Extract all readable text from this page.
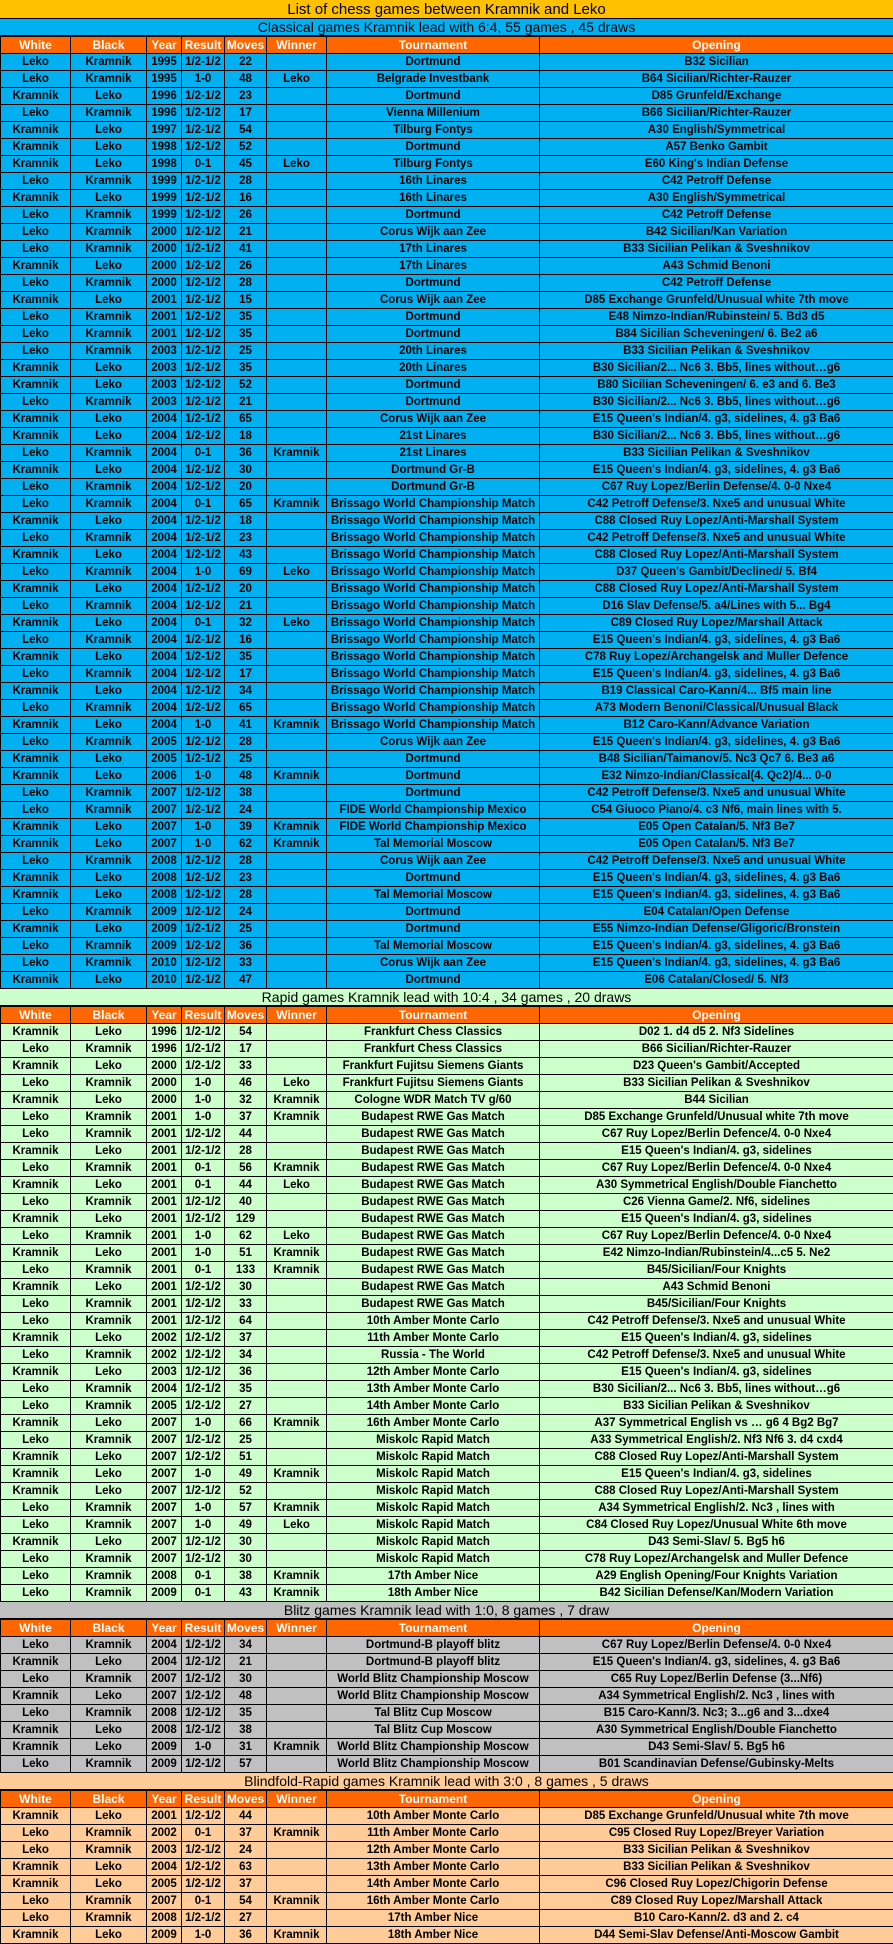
List of chess games between Kramnik and Leko
Classical games Kramnik lead with 6:4, 55 games , 45 draws
White	Black	Year	Result	Moves	Winner	Tournament	Opening
Leko	Kramnik	1995	1/2-1/2	22		Dortmund	B32 Sicilian
Leko	Kramnik	1995	1-0	48	Leko	Belgrade Investbank	B64 Sicilian/Richter-Rauzer
Kramnik	Leko	1996	1/2-1/2	23		Dortmund	D85 Grunfeld/Exchange
Leko	Kramnik	1996	1/2-1/2	17		Vienna Millenium	B66 Sicilian/Richter-Rauzer
Kramnik	Leko	1997	1/2-1/2	54		Tilburg Fontys	A30 English/Symmetrical
Kramnik	Leko	1998	1/2-1/2	52		Dortmund	A57 Benko Gambit
Kramnik	Leko	1998	0-1	45	Leko	Tilburg Fontys	E60 King's Indian Defense
Leko	Kramnik	1999	1/2-1/2	28		16th Linares	C42 Petroff Defense
Kramnik	Leko	1999	1/2-1/2	16		16th Linares	A30 English/Symmetrical
Leko	Kramnik	1999	1/2-1/2	26		Dortmund	C42 Petroff Defense
Leko	Kramnik	2000	1/2-1/2	21		Corus Wijk aan Zee	B42 Sicilian/Kan Variation
Leko	Kramnik	2000	1/2-1/2	41		17th Linares	B33 Sicilian Pelikan & Sveshnikov
Kramnik	Leko	2000	1/2-1/2	26		17th Linares	A43 Schmid Benoni
Leko	Kramnik	2000	1/2-1/2	28		Dortmund	C42 Petroff Defense
Kramnik	Leko	2001	1/2-1/2	15		Corus Wijk aan Zee	D85 Exchange Grunfeld/Unusual white 7th move
Leko	Kramnik	2001	1/2-1/2	35		Dortmund	E48 Nimzo-Indian/Rubinstein/ 5. Bd3 d5
Leko	Kramnik	2001	1/2-1/2	35		Dortmund	B84 Sicilian Scheveningen/ 6. Be2 a6
Leko	Kramnik	2003	1/2-1/2	25		20th Linares	B33 Sicilian Pelikan & Sveshnikov
Kramnik	Leko	2003	1/2-1/2	35		20th Linares	B30 Sicilian/2... Nc6 3. Bb5, lines without…g6
Kramnik	Leko	2003	1/2-1/2	52		Dortmund	B80 Sicilian Scheveningen/ 6. e3 and 6. Be3
Leko	Kramnik	2003	1/2-1/2	21		Dortmund	B30 Sicilian/2... Nc6 3. Bb5, lines without…g6
Kramnik	Leko	2004	1/2-1/2	65		Corus Wijk aan Zee	E15 Queen's Indian/4. g3, sidelines, 4. g3 Ba6
Kramnik	Leko	2004	1/2-1/2	18		21st Linares	B30 Sicilian/2... Nc6 3. Bb5, lines without…g6
Leko	Kramnik	2004	0-1	36	Kramnik	21st Linares	B33 Sicilian Pelikan & Sveshnikov
Kramnik	Leko	2004	1/2-1/2	30		Dortmund Gr-B	E15 Queen's Indian/4. g3, sidelines, 4. g3 Ba6
Leko	Kramnik	2004	1/2-1/2	20		Dortmund Gr-B	C67 Ruy Lopez/Berlin Defense/4. 0-0 Nxe4
Leko	Kramnik	2004	0-1	65	Kramnik	Brissago World Championship Match	C42 Petroff Defense/3. Nxe5 and unusual White
Kramnik	Leko	2004	1/2-1/2	18		Brissago World Championship Match	C88 Closed Ruy Lopez/Anti-Marshall System
Leko	Kramnik	2004	1/2-1/2	23		Brissago World Championship Match	C42 Petroff Defense/3. Nxe5 and unusual White
Kramnik	Leko	2004	1/2-1/2	43		Brissago World Championship Match	C88 Closed Ruy Lopez/Anti-Marshall System
Leko	Kramnik	2004	1-0	69	Leko	Brissago World Championship Match	D37 Queen's Gambit/Declined/ 5. Bf4
Kramnik	Leko	2004	1/2-1/2	20		Brissago World Championship Match	C88 Closed Ruy Lopez/Anti-Marshall System
Leko	Kramnik	2004	1/2-1/2	21		Brissago World Championship Match	D16 Slav Defense/5. a4/Lines with 5... Bg4
Kramnik	Leko	2004	0-1	32	Leko	Brissago World Championship Match	C89 Closed Ruy Lopez/Marshall Attack
Leko	Kramnik	2004	1/2-1/2	16		Brissago World Championship Match	E15 Queen's Indian/4. g3, sidelines, 4. g3 Ba6
Kramnik	Leko	2004	1/2-1/2	35		Brissago World Championship Match	C78 Ruy Lopez/Archangelsk and Muller Defence
Leko	Kramnik	2004	1/2-1/2	17		Brissago World Championship Match	E15 Queen's Indian/4. g3, sidelines, 4. g3 Ba6
Kramnik	Leko	2004	1/2-1/2	34		Brissago World Championship Match	B19 Classical Caro-Kann/4... Bf5 main line
Leko	Kramnik	2004	1/2-1/2	65		Brissago World Championship Match	A73 Modern Benoni/Classical/Unusual Black
Kramnik	Leko	2004	1-0	41	Kramnik	Brissago World Championship Match	B12 Caro-Kann/Advance Variation
Leko	Kramnik	2005	1/2-1/2	28		Corus Wijk aan Zee	E15 Queen's Indian/4. g3, sidelines, 4. g3 Ba6
Kramnik	Leko	2005	1/2-1/2	25		Dortmund	B48 Sicilian/Taimanov/5. Nc3 Qc7 6. Be3 a6
Kramnik	Leko	2006	1-0	48	Kramnik	Dortmund	E32 Nimzo-Indian/Classical(4. Qc2)/4... 0-0
Leko	Kramnik	2007	1/2-1/2	38		Dortmund	C42 Petroff Defense/3. Nxe5 and unusual White
Leko	Kramnik	2007	1/2-1/2	24		FIDE World Championship Mexico	C54 Giuoco Piano/4. c3 Nf6, main lines with 5.
Kramnik	Leko	2007	1-0	39	Kramnik	FIDE World Championship Mexico	E05 Open Catalan/5. Nf3 Be7
Kramnik	Leko	2007	1-0	62	Kramnik	Tal Memorial Moscow	E05 Open Catalan/5. Nf3 Be7
Leko	Kramnik	2008	1/2-1/2	28		Corus Wijk aan Zee	C42 Petroff Defense/3. Nxe5 and unusual White
Kramnik	Leko	2008	1/2-1/2	23		Dortmund	E15 Queen's Indian/4. g3, sidelines, 4. g3 Ba6
Kramnik	Leko	2008	1/2-1/2	28		Tal Memorial Moscow	E15 Queen's Indian/4. g3, sidelines, 4. g3 Ba6
Leko	Kramnik	2009	1/2-1/2	24		Dortmund	E04 Catalan/Open Defense
Kramnik	Leko	2009	1/2-1/2	25		Dortmund	E55 Nimzo-Indian Defense/Gligoric/Bronstein
Leko	Kramnik	2009	1/2-1/2	36		Tal Memorial Moscow	E15 Queen's Indian/4. g3, sidelines, 4. g3 Ba6
Leko	Kramnik	2010	1/2-1/2	33		Corus Wijk aan Zee	E15 Queen's Indian/4. g3, sidelines, 4. g3 Ba6
Kramnik	Leko	2010	1/2-1/2	47		Dortmund	E06 Catalan/Closed/ 5. Nf3
Rapid games Kramnik lead with 10:4 , 34 games , 20 draws
White	Black	Year	Result	Moves	Winner	Tournament	Opening
Kramnik	Leko	1996	1/2-1/2	54		Frankfurt Chess Classics	D02 1. d4 d5 2. Nf3 Sidelines
Leko	Kramnik	1996	1/2-1/2	17		Frankfurt Chess Classics	B66 Sicilian/Richter-Rauzer
Kramnik	Leko	2000	1/2-1/2	33		Frankfurt Fujitsu Siemens Giants	D23 Queen's Gambit/Accepted
Leko	Kramnik	2000	1-0	46	Leko	Frankfurt Fujitsu Siemens Giants	B33 Sicilian Pelikan & Sveshnikov
Kramnik	Leko	2000	1-0	32	Kramnik	Cologne WDR Match TV g/60	B44 Sicilian
Leko	Kramnik	2001	1-0	37	Kramnik	Budapest RWE Gas Match	D85 Exchange Grunfeld/Unusual white 7th move
Leko	Kramnik	2001	1/2-1/2	44		Budapest RWE Gas Match	C67 Ruy Lopez/Berlin Defence/4. 0-0 Nxe4
Kramnik	Leko	2001	1/2-1/2	28		Budapest RWE Gas Match	E15 Queen's Indian/4. g3, sidelines
Leko	Kramnik	2001	0-1	56	Kramnik	Budapest RWE Gas Match	C67 Ruy Lopez/Berlin Defence/4. 0-0 Nxe4
Kramnik	Leko	2001	0-1	44	Leko	Budapest RWE Gas Match	A30 Symmetrical English/Double Fianchetto
Leko	Kramnik	2001	1/2-1/2	40		Budapest RWE Gas Match	C26 Vienna Game/2. Nf6, sidelines
Kramnik	Leko	2001	1/2-1/2	129		Budapest RWE Gas Match	E15 Queen's Indian/4. g3, sidelines
Leko	Kramnik	2001	1-0	62	Leko	Budapest RWE Gas Match	C67 Ruy Lopez/Berlin Defence/4. 0-0 Nxe4
Kramnik	Leko	2001	1-0	51	Kramnik	Budapest RWE Gas Match	E42 Nimzo-Indian/Rubinstein/4...c5 5. Ne2
Leko	Kramnik	2001	0-1	133	Kramnik	Budapest RWE Gas Match	B45/Sicilian/Four Knights
Kramnik	Leko	2001	1/2-1/2	30		Budapest RWE Gas Match	A43 Schmid Benoni
Leko	Kramnik	2001	1/2-1/2	33		Budapest RWE Gas Match	B45/Sicilian/Four Knights
Leko	Kramnik	2001	1/2-1/2	64		10th Amber Monte Carlo	C42 Petroff Defense/3. Nxe5 and unusual White
Kramnik	Leko	2002	1/2-1/2	37		11th Amber Monte Carlo	E15 Queen's Indian/4. g3, sidelines
Leko	Kramnik	2002	1/2-1/2	34		Russia - The World	C42 Petroff Defense/3. Nxe5 and unusual White
Kramnik	Leko	2003	1/2-1/2	36		12th Amber Monte Carlo	E15 Queen's Indian/4. g3, sidelines
Leko	Kramnik	2004	1/2-1/2	35		13th Amber Monte Carlo	B30 Sicilian/2... Nc6 3. Bb5, lines without…g6
Leko	Kramnik	2005	1/2-1/2	27		14th Amber Monte Carlo	B33 Sicilian Pelikan & Sveshnikov
Kramnik	Leko	2007	1-0	66	Kramnik	16th Amber Monte Carlo	A37 Symmetrical English vs … g6 4 Bg2 Bg7
Leko	Kramnik	2007	1/2-1/2	25		Miskolc Rapid Match	A33 Symmetrical English/2. Nf3 Nf6 3. d4 cxd4
Kramnik	Leko	2007	1/2-1/2	51		Miskolc Rapid Match	C88 Closed Ruy Lopez/Anti-Marshall System
Kramnik	Leko	2007	1-0	49	Kramnik	Miskolc Rapid Match	E15 Queen's Indian/4. g3, sidelines
Kramnik	Leko	2007	1/2-1/2	52		Miskolc Rapid Match	C88 Closed Ruy Lopez/Anti-Marshall System
Leko	Kramnik	2007	1-0	57	Kramnik	Miskolc Rapid Match	A34 Symmetrical English/2. Nc3 , lines with
Leko	Kramnik	2007	1-0	49	Leko	Miskolc Rapid Match	C84 Closed Ruy Lopez/Unusual White 6th move
Kramnik	Leko	2007	1/2-1/2	30		Miskolc Rapid Match	D43 Semi-Slav/ 5. Bg5 h6
Leko	Kramnik	2007	1/2-1/2	30		Miskolc Rapid Match	C78 Ruy Lopez/Archangelsk and Muller Defence
Leko	Kramnik	2008	0-1	38	Kramnik	17th Amber Nice	A29 English Opening/Four Knights Variation
Leko	Kramnik	2009	0-1	43	Kramnik	18th Amber Nice	B42 Sicilian Defense/Kan/Modern Variation
Blitz games Kramnik lead with 1:0, 8 games , 7 draw
White	Black	Year	Result	Moves	Winner	Tournament	Opening
Leko	Kramnik	2004	1/2-1/2	34		Dortmund-B playoff blitz	C67 Ruy Lopez/Berlin Defense/4. 0-0 Nxe4
Kramnik	Leko	2004	1/2-1/2	21		Dortmund-B playoff blitz	E15 Queen's Indian/4. g3, sidelines, 4. g3 Ba6
Leko	Kramnik	2007	1/2-1/2	30		World Blitz Championship Moscow	C65 Ruy Lopez/Berlin Defense (3...Nf6)
Kramnik	Leko	2007	1/2-1/2	48		World Blitz Championship Moscow	A34 Symmetrical English/2. Nc3 , lines with
Leko	Kramnik	2008	1/2-1/2	35		Tal Blitz Cup Moscow	B15 Caro-Kann/3. Nc3; 3...g6 and 3...dxe4
Kramnik	Leko	2008	1/2-1/2	38		Tal Blitz Cup Moscow	A30 Symmetrical English/Double Fianchetto
Kramnik	Leko	2009	1-0	31	Kramnik	World Blitz Championship Moscow	D43 Semi-Slav/ 5. Bg5 h6
Leko	Kramnik	2009	1/2-1/2	57		World Blitz Championship Moscow	B01 Scandinavian Defense/Gubinsky-Melts
Blindfold-Rapid games Kramnik lead with 3:0 , 8 games , 5 draws
White	Black	Year	Result	Moves	Winner	Tournament	Opening
Kramnik	Leko	2001	1/2-1/2	44		10th Amber Monte Carlo	D85 Exchange Grunfeld/Unusual white 7th move
Leko	Kramnik	2002	0-1	37	Kramnik	11th Amber Monte Carlo	C95 Closed Ruy Lopez/Breyer Variation
Leko	Kramnik	2003	1/2-1/2	24		12th Amber Monte Carlo	B33 Sicilian Pelikan & Sveshnikov
Kramnik	Leko	2004	1/2-1/2	63		13th Amber Monte Carlo	B33 Sicilian Pelikan & Sveshnikov
Kramnik	Leko	2005	1/2-1/2	37		14th Amber Monte Carlo	C96 Closed Ruy Lopez/Chigorin Defense
Leko	Kramnik	2007	0-1	54	Kramnik	16th Amber Monte Carlo	C89 Closed Ruy Lopez/Marshall Attack
Leko	Kramnik	2008	1/2-1/2	27		17th Amber Nice	B10 Caro-Kann/2. d3 and 2. c4
Kramnik	Leko	2009	1-0	36	Kramnik	18th Amber Nice	D44 Semi-Slav Defense/Anti-Moscow Gambit
